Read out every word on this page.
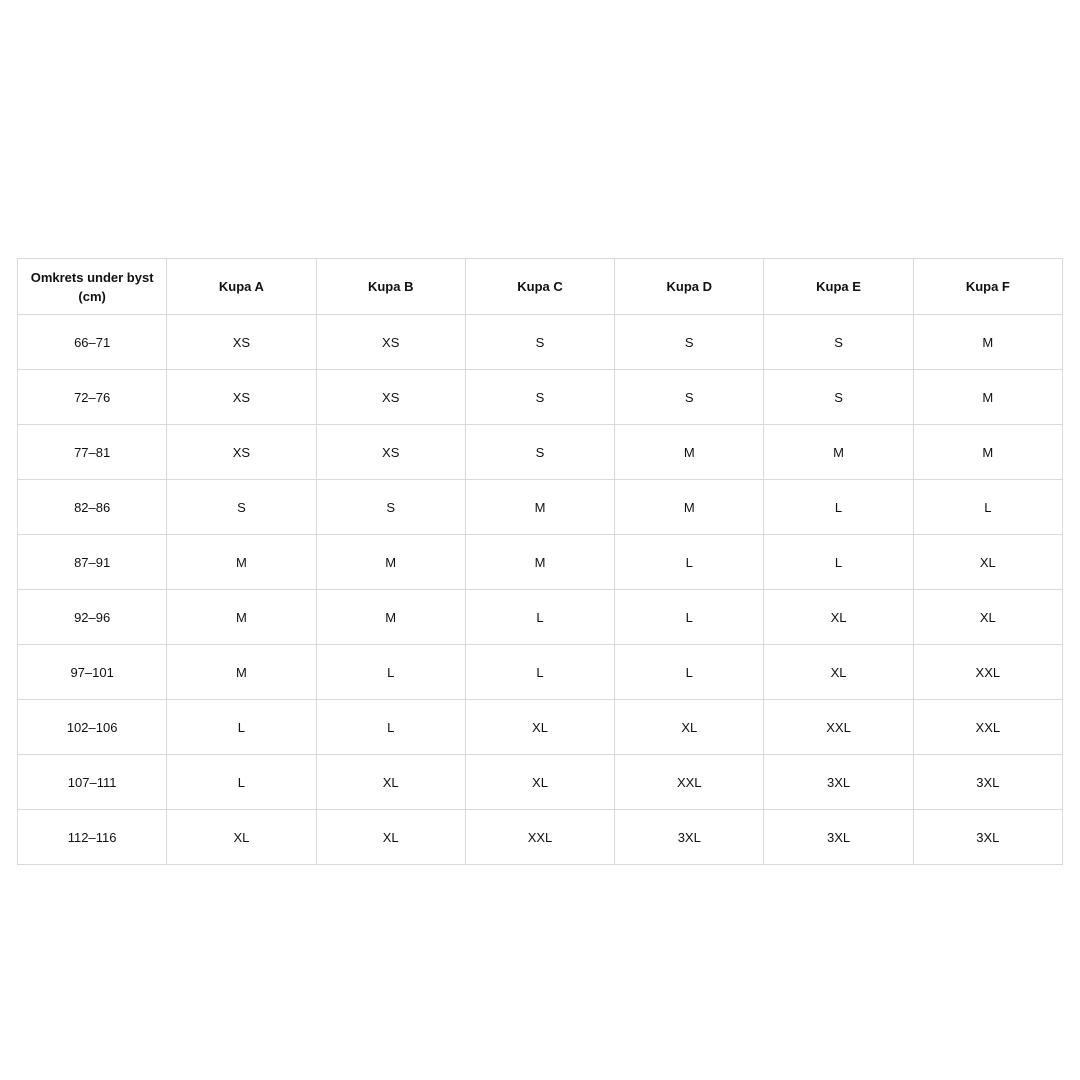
Omkrets under byst (cm)	Kupa A	Kupa B	Kupa C	Kupa D	Kupa E	Kupa F
66–71	XS	XS	S	S	S	M
72–76	XS	XS	S	S	S	M
77–81	XS	XS	S	M	M	M
82–86	S	S	M	M	L	L
87–91	M	M	M	L	L	XL
92–96	M	M	L	L	XL	XL
97–101	M	L	L	L	XL	XXL
102–106	L	L	XL	XL	XXL	XXL
107–111	L	XL	XL	XXL	3XL	3XL
112–116	XL	XL	XXL	3XL	3XL	3XL
